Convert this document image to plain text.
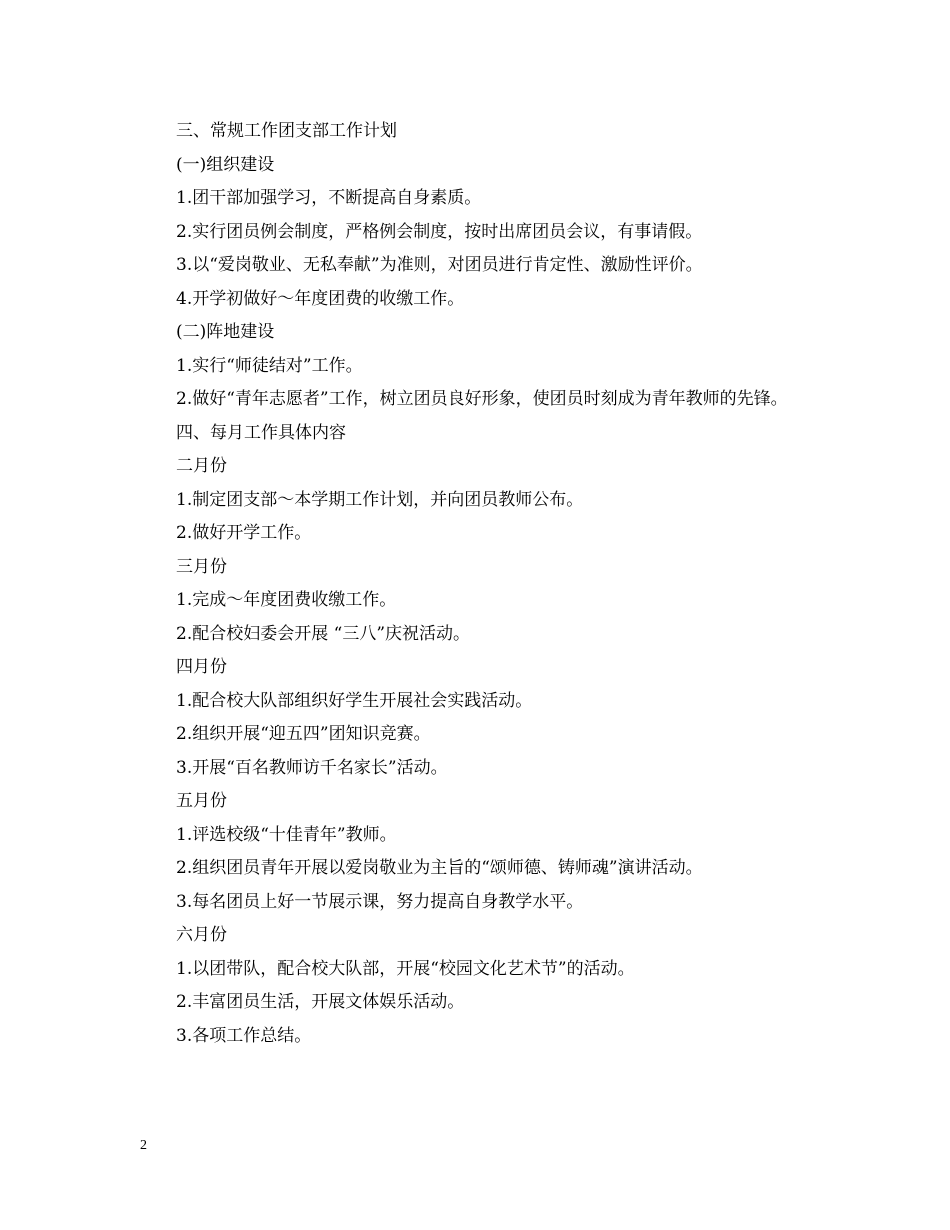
三、常规工作团支部工作计划
(一)组织建设
1.团干部加强学习，不断提高自身素质。
2.实行团员例会制度，严格例会制度，按时出席团员会议，有事请假。
3.以“爱岗敬业、无私奉献”为准则，对团员进行肯定性、激励性评价。
4.开学初做好～年度团费的收缴工作。
(二)阵地建设
1.实行“师徒结对”工作。
2.做好“青年志愿者”工作，树立团员良好形象，使团员时刻成为青年教师的先锋。
四、每月工作具体内容
二月份
1.制定团支部～本学期工作计划，并向团员教师公布。
2.做好开学工作。
三月份
1.完成～年度团费收缴工作。
2.配合校妇委会开展 “三八”庆祝活动。
四月份
1.配合校大队部组织好学生开展社会实践活动。
2.组织开展“迎五四”团知识竞赛。
3.开展“百名教师访千名家长”活动。
五月份
1.评选校级“十佳青年”教师。
2.组织团员青年开展以爱岗敬业为主旨的“颂师德、铸师魂”演讲活动。
3.每名团员上好一节展示课，努力提高自身教学水平。
六月份
1.以团带队，配合校大队部，开展“校园文化艺术节”的活动。
2.丰富团员生活，开展文体娱乐活动。
3.各项工作总结。
2
